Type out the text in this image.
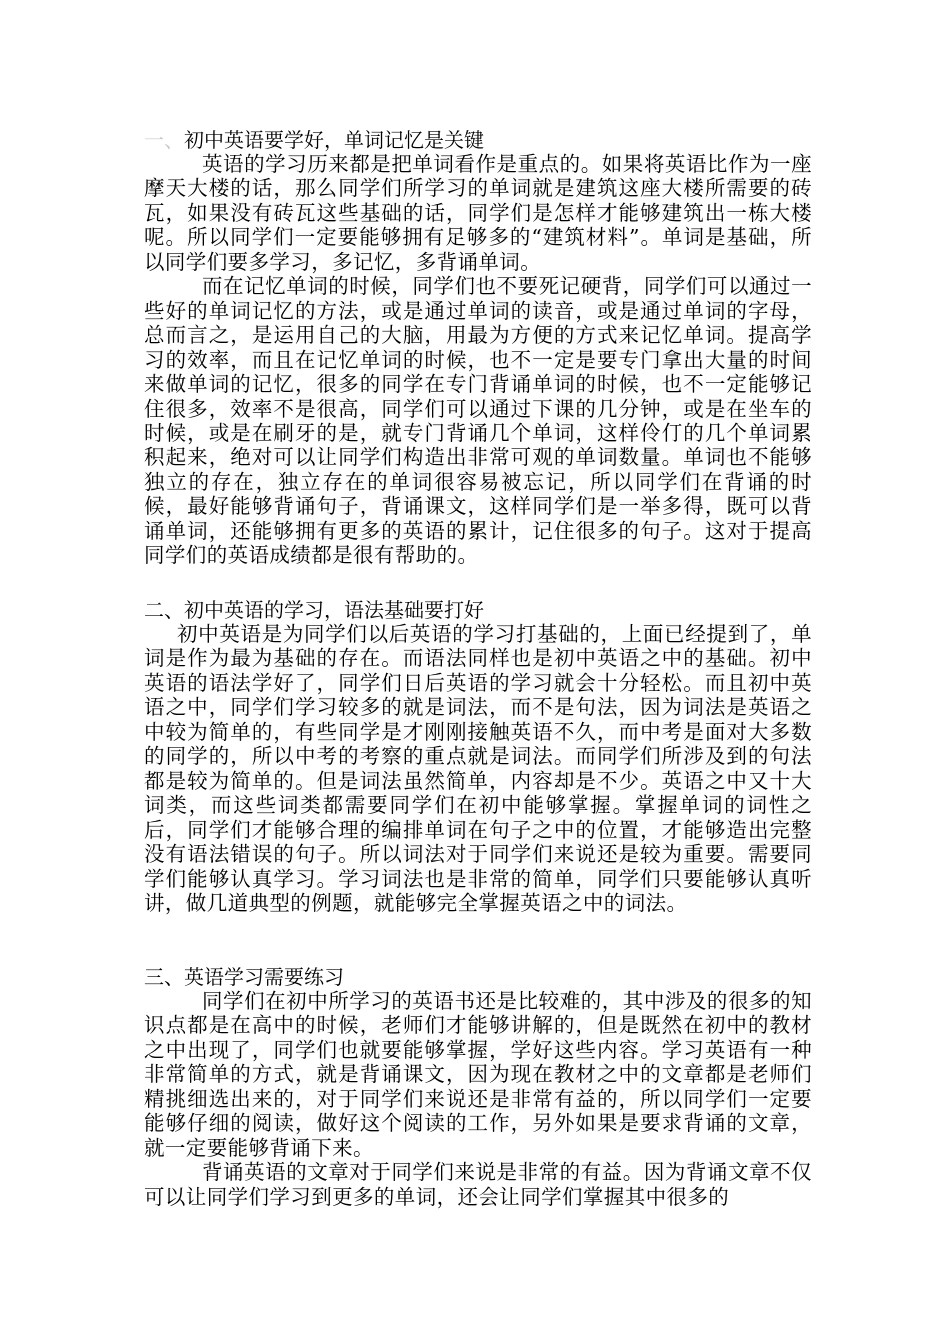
一、初中英语要学好，单词记忆是关键
英语的学习历来都是把单词看作是重点的。如果将英语比作为一座摩天大楼的话，那么同学们所学习的单词就是建筑这座大楼所需要的砖瓦，如果没有砖瓦这些基础的话，同学们是怎样才能够建筑出一栋大楼呢。所以同学们一定要能够拥有足够多的“建筑材料”。单词是基础，所以同学们要多学习，多记忆，多背诵单词。
而在记忆单词的时候，同学们也不要死记硬背，同学们可以通过一些好的单词记忆的方法，或是通过单词的读音，或是通过单词的字母，总而言之，是运用自己的大脑，用最为方便的方式来记忆单词。提高学习的效率，而且在记忆单词的时候，也不一定是要专门拿出大量的时间来做单词的记忆，很多的同学在专门背诵单词的时候，也不一定能够记住很多，效率不是很高，同学们可以通过下课的几分钟，或是在坐车的时候，或是在刷牙的是，就专门背诵几个单词，这样伶仃的几个单词累积起来，绝对可以让同学们构造出非常可观的单词数量。单词也不能够独立的存在，独立存在的单词很容易被忘记，所以同学们在背诵的时候，最好能够背诵句子，背诵课文，这样同学们是一举多得，既可以背诵单词，还能够拥有更多的英语的累计，记住很多的句子。这对于提高同学们的英语成绩都是很有帮助的。
二、初中英语的学习，语法基础要打好
初中英语是为同学们以后英语的学习打基础的，上面已经提到了，单词是作为最为基础的存在。而语法同样也是初中英语之中的基础。初中英语的语法学好了，同学们日后英语的学习就会十分轻松。而且初中英语之中，同学们学习较多的就是词法，而不是句法，因为词法是英语之中较为简单的，有些同学是才刚刚接触英语不久，而中考是面对大多数的同学的，所以中考的考察的重点就是词法。而同学们所涉及到的句法都是较为简单的。但是词法虽然简单，内容却是不少。英语之中又十大词类，而这些词类都需要同学们在初中能够掌握。掌握单词的词性之后，同学们才能够合理的编排单词在句子之中的位置，才能够造出完整没有语法错误的句子。所以词法对于同学们来说还是较为重要。需要同学们能够认真学习。学习词法也是非常的简单，同学们只要能够认真听讲，做几道典型的例题，就能够完全掌握英语之中的词法。
三、英语学习需要练习
同学们在初中所学习的英语书还是比较难的，其中涉及的很多的知识点都是在高中的时候，老师们才能够讲解的，但是既然在初中的教材之中出现了，同学们也就要能够掌握，学好这些内容。学习英语有一种非常简单的方式，就是背诵课文，因为现在教材之中的文章都是老师们精挑细选出来的，对于同学们来说还是非常有益的，所以同学们一定要能够仔细的阅读，做好这个阅读的工作，另外如果是要求背诵的文章，就一定要能够背诵下来。
背诵英语的文章对于同学们来说是非常的有益。因为背诵文章不仅可以让同学们学习到更多的单词，还会让同学们掌握其中很多的
